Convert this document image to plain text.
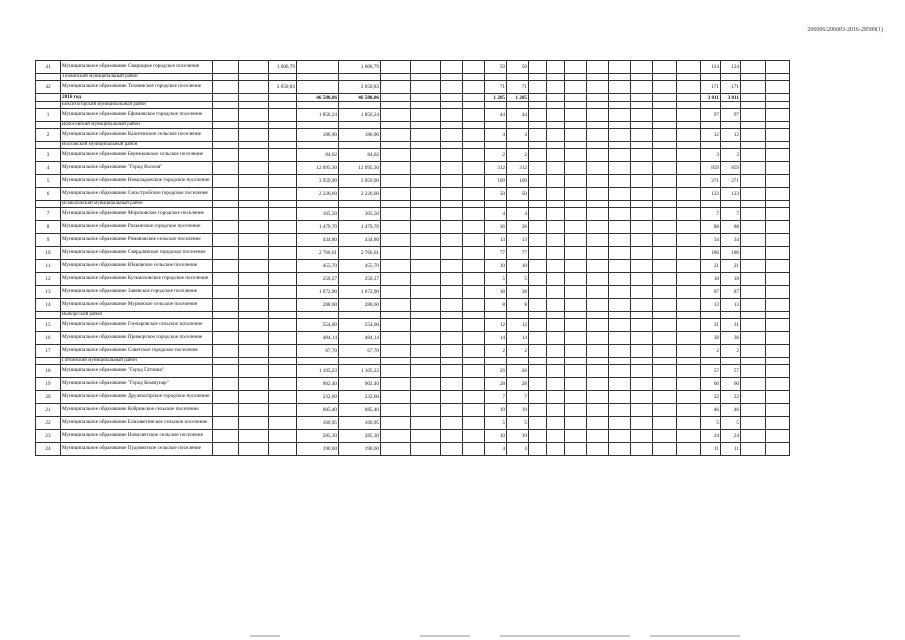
206006/206003-2016-28589(1)
41	Муниципальное образование Свирицкое городское поселение			1 606,79		1 606,79					50	50									124	124		
	Тихвинский муниципальный район																							
42	Муниципальное образование Тихвинское городское поселение			2 650,83		2 650,83					71	71									171	171		
	2016 год				46 580,06	46 580,06					1 205	1 205									3 011	3 011		
	Бокситогорский муниципальный район																							
1	Муниципальное образование Ефимовское городское поселение				1 856,24	1 856,24					44	44									97	97		
	Волосовский муниципальный район																							
2	Муниципальное образование Калитинское сельское поселение				186,90	186,90					4	4									12	12		
	Волховский муниципальный район																							
3	Муниципальное образование Бережковское сельское поселение				84,02	84,02					2	2									3	3		
4	Муниципальное образование "Город Волхов"				12 095,30	12 095,30					312	312									859	859		
5	Муниципальное образование Новоладожское городское поселение				3 959,90	3 959,90					109	109									271	271		
6	Муниципальное образование Сясьстройское городское поселение				2 226,60	2 226,60					50	50									123	123		
	Всеволожский муниципальный район																							
7	Муниципальное образование Морозовское городское поселение				105,50	105,50					4	4									7	7		
8	Муниципальное образование Рахьинское городское поселение				1 479,70	1 479,70					36	36									88	88		
9	Муниципальное образование Романовское сельское поселение				434,80	434,80					13	13									34	34		
10	Муниципальное образование Свердловское городское поселение				2 766,61	2 766,61					77	77									186	186		
11	Муниципальное образование Юкковское сельское поселение				455,70	455,70					10	10									21	21		
12	Муниципальное образование Кузьмоловское городское поселение				250,27	250,27					5	5									18	18		
13	Муниципальное образование Заневское городское поселение				1 672,90	1 672,90					38	38									87	87		
14	Муниципальное образование Муринское сельское поселение				288,60	288,60					8	8									13	13		
	Выборгский район																							
15	Муниципальное образование Гончаровское сельское поселение				554,00	554,00					12	12									31	31		
16	Муниципальное образование Приморское городское поселение				484,14	484,14					14	14									38	38		
17	Муниципальное образование Советское городское поселение				67,70	67,70					2	2									2	2		
	Гатчинский муниципальный район																							
18	Муниципальное образование "Город Гатчина"				1 105,23	1 105,23					26	26									57	57		
19	Муниципальное образование "Город Коммунар"				902,40	902,40					28	28									60	60		
20	Муниципальное образование Дружногорское городское поселение				232,60	232,60					7	7									22	22		
21	Муниципальное образование Кобринское сельское поселение				685,40	685,40					19	19									46	46		
22	Муниципальное образование Елизаветинское сельское поселение				166,95	166,95					5	5									5	5		
23	Муниципальное образование Новосветское сельское поселение				285,30	285,30					10	10									24	24		
24	Муниципальное образование Пудомягское сельское поселение				190,60	190,60					4	4									11	11		
